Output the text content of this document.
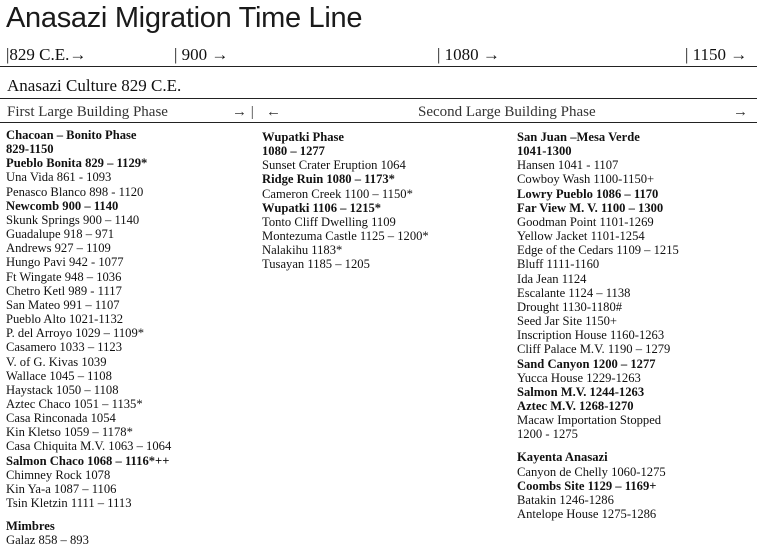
Anasazi Migration Time Line
|829 C.E.→	| 900 →	| 1080 →	| 1150 →
Anasazi Culture 829 C.E.
First Large Building Phase	→ | ←	Second Large Building Phase	→
Chacoan – Bonito Phase
829-1150
Pueblo Bonita 829 – 1129*
Una Vida 861 - 1093
Penasco Blanco 898 - 1120
Newcomb 900 – 1140
Skunk Springs 900 – 1140
Guadalupe 918 – 971
Andrews 927 – 1109
Hungo Pavi 942 - 1077
Ft Wingate 948 – 1036
Chetro Ketl 989 - 1117
San Mateo 991 – 1107
Pueblo Alto 1021-1132
P. del Arroyo 1029 – 1109*
Casamero 1033 – 1123
V. of G. Kivas 1039
Wallace 1045 – 1108
Haystack 1050 – 1108
Aztec Chaco 1051 – 1135*
Casa Rinconada 1054
Kin Kletso 1059 – 1178*
Casa Chiquita M.V. 1063 – 1064
Salmon Chaco 1068 – 1116*++
Chimney Rock 1078
Kin Ya-a 1087 – 1106
Tsin Kletzin 1111 – 1113
Mimbres
Galaz 858 – 893
Wupatki Phase
1080 – 1277
Sunset Crater Eruption 1064
Ridge Ruin 1080 – 1173*
Cameron Creek 1100 – 1150*
Wupatki 1106 – 1215*
Tonto Cliff Dwelling 1109
Montezuma Castle 1125 – 1200*
Nalakihu 1183*
Tusayan 1185 – 1205
San Juan –Mesa Verde
1041-1300
Hansen 1041 - 1107
Cowboy Wash 1100-1150+
Lowry Pueblo 1086 – 1170
Far View M. V. 1100 – 1300
Goodman Point 1101-1269
Yellow Jacket 1101-1254
Edge of the Cedars 1109 – 1215
Bluff 1111-1160
Ida Jean 1124
Escalante 1124 – 1138
Drought 1130-1180#
Seed Jar Site 1150+
Inscription House 1160-1263
Cliff Palace M.V. 1190 – 1279
Sand Canyon 1200 – 1277
Yucca House 1229-1263
Salmon M.V. 1244-1263
Aztec M.V. 1268-1270
Macaw Importation Stopped
1200 - 1275
Kayenta Anasazi
Canyon de Chelly 1060-1275
Coombs Site 1129 – 1169+
Batakin 1246-1286
Antelope House 1275-1286
